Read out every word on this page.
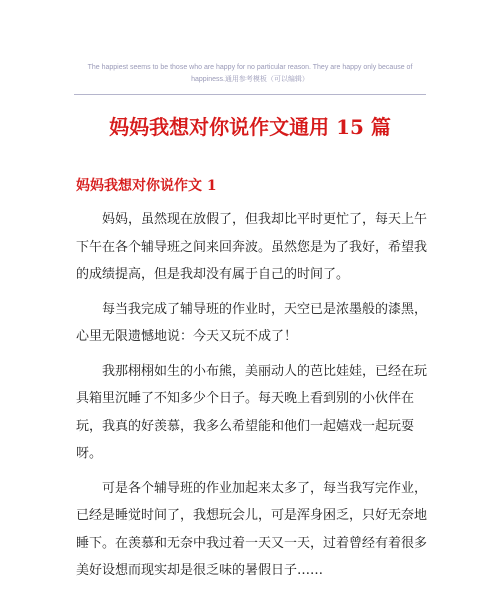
The happiest seems to be those who are happy for no particular reason. They are happy only because of
happiness.通用参考模板（可以编辑）
妈妈我想对你说作文通用 15 篇
妈妈我想对你说作文 1

妈妈，虽然现在放假了，但我却比平时更忙了，每天上午下午在各个辅导班之间来回奔波。虽然您是为了我好，希望我的成绩提高，但是我却没有属于自己的时间了。

每当我完成了辅导班的作业时，天空已是浓墨般的漆黑，心里无限遗憾地说：今天又玩不成了！

我那栩栩如生的小布熊，美丽动人的芭比娃娃，已经在玩具箱里沉睡了不知多少个日子。每天晚上看到别的小伙伴在玩，我真的好羡慕，我多么希望能和他们一起嬉戏一起玩耍呀。

可是各个辅导班的作业加起来太多了，每当我写完作业，已经是睡觉时间了，我想玩会儿，可是浑身困乏，只好无奈地睡下。在羡慕和无奈中我过着一天又一天，过着曾经有着很多美好设想而现实却是很乏味的暑假日子……
